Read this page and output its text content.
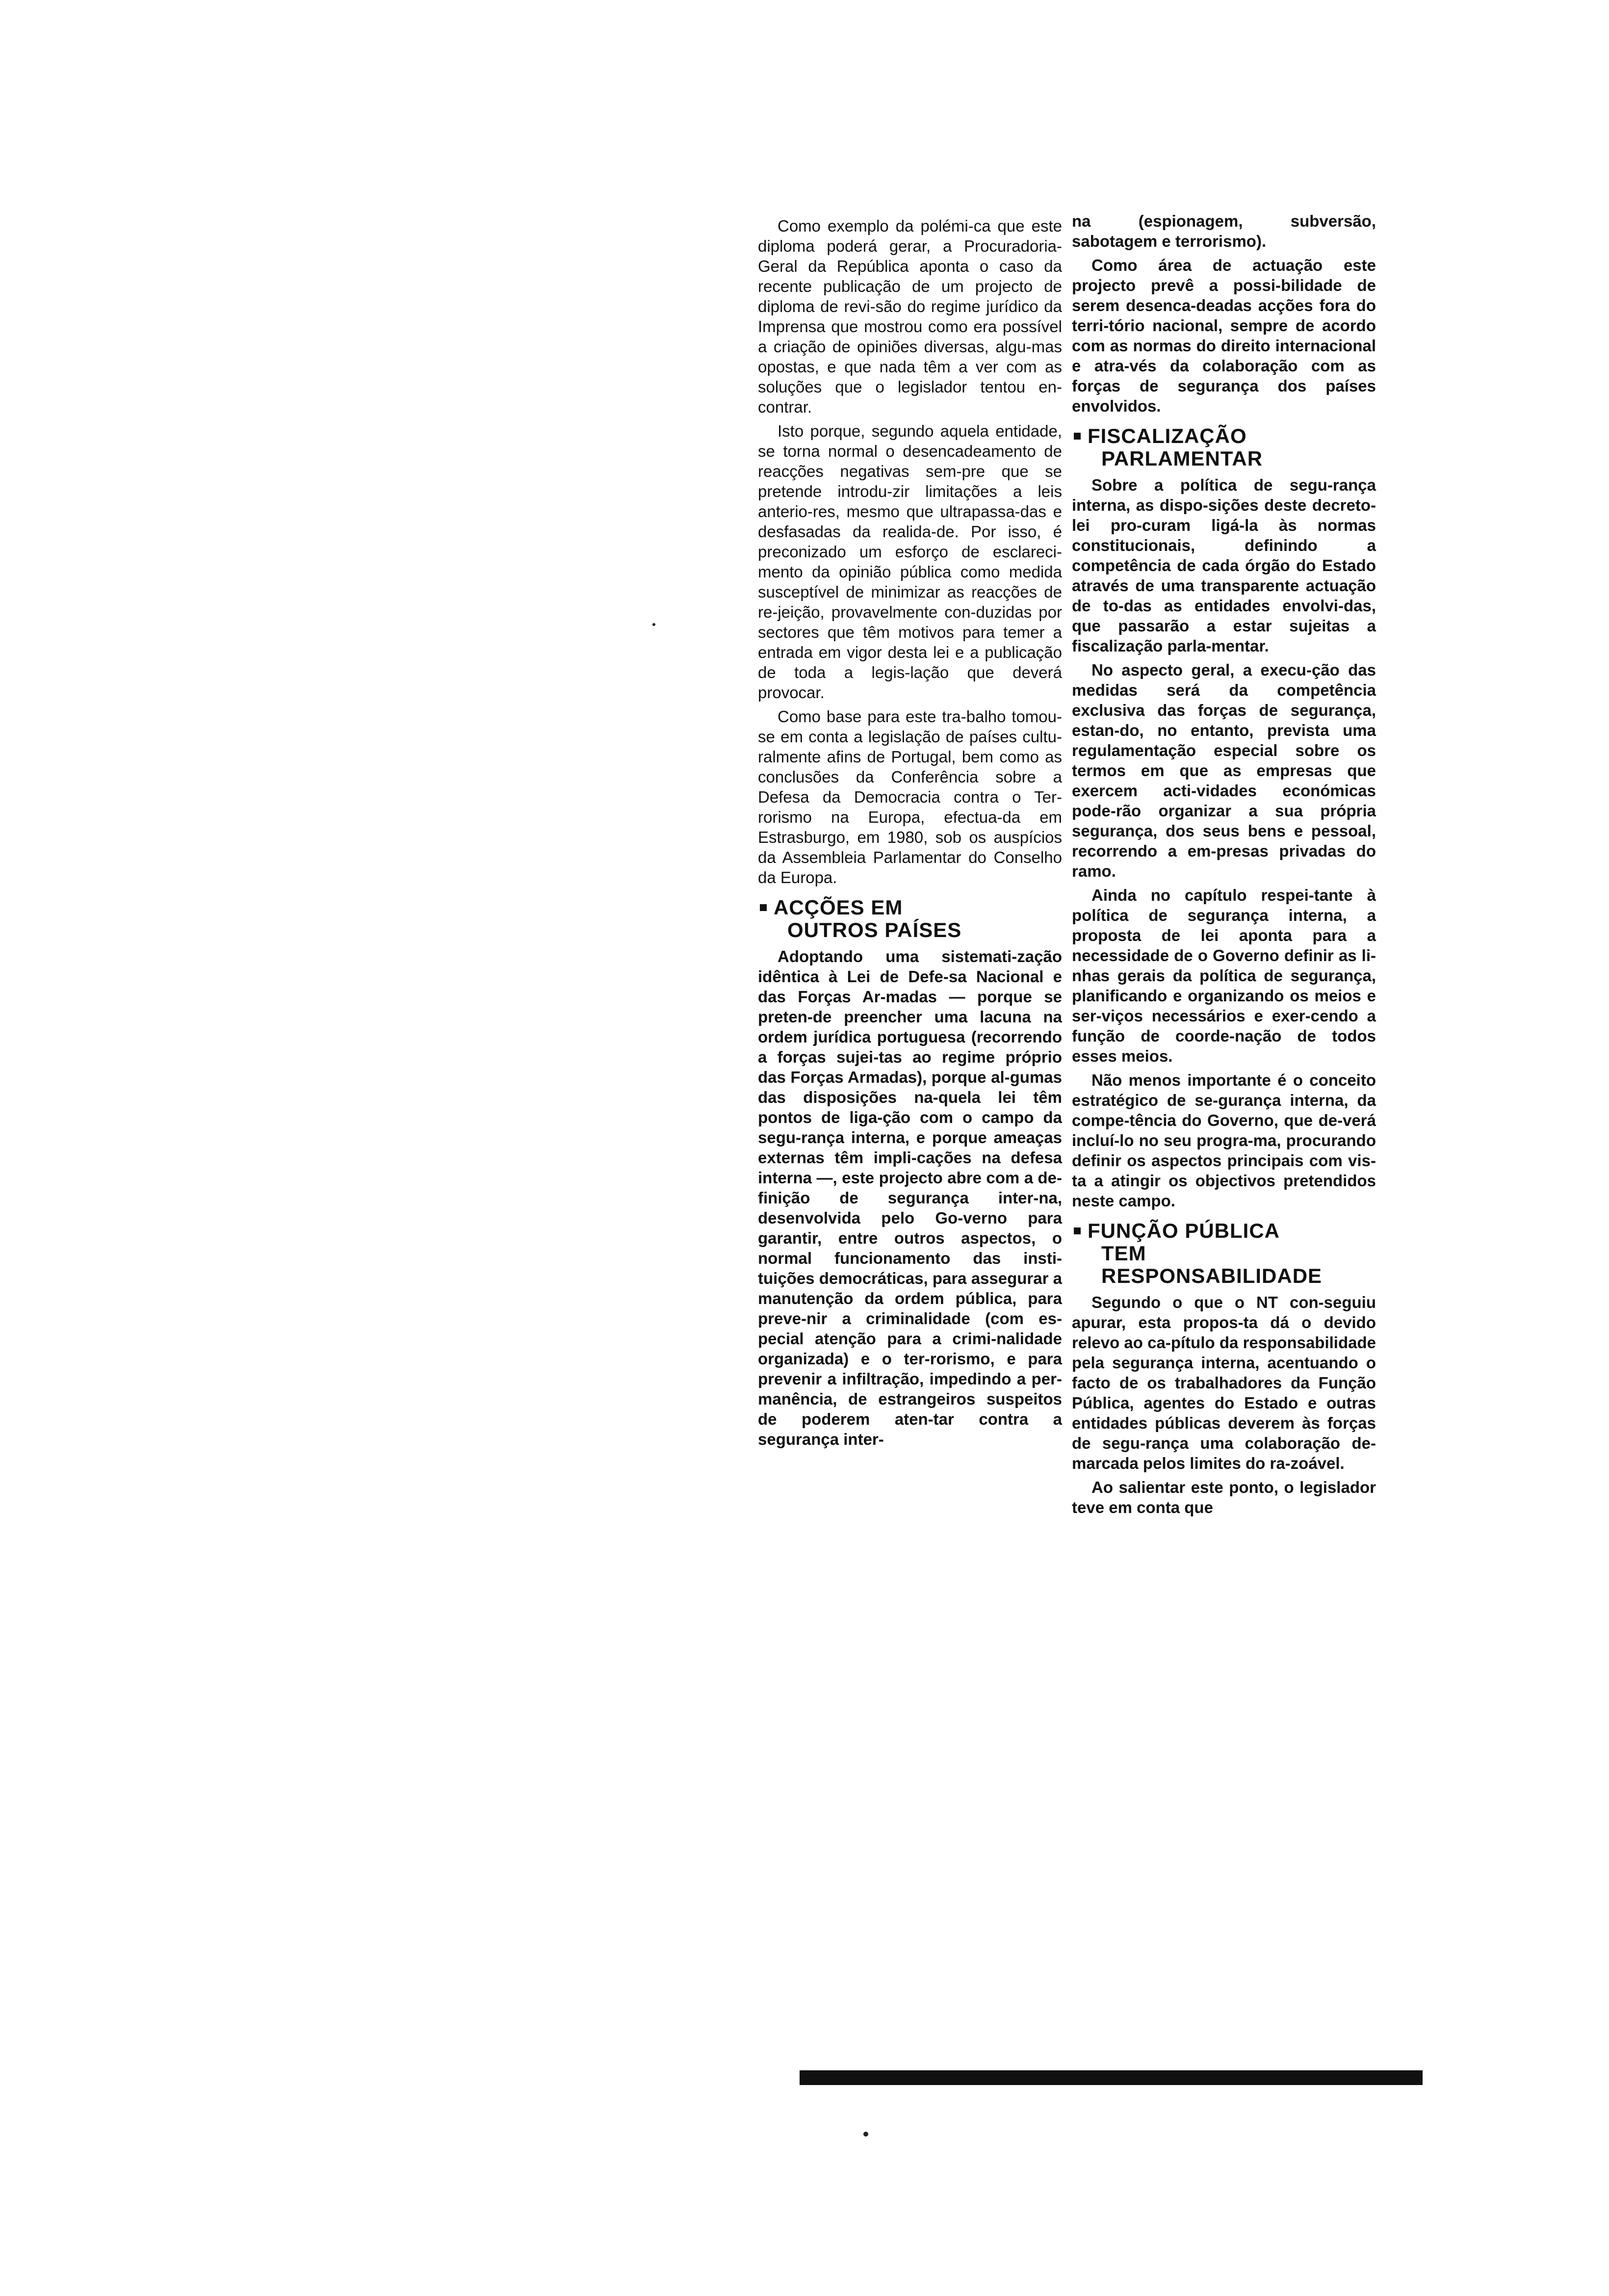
Como exemplo da polémi-ca que este diploma poderá gerar, a Procuradoria-Geral da República aponta o caso da recente publicação de um projecto de diploma de revi-são do regime jurídico da Imprensa que mostrou como era possível a criação de opiniões diversas, algu-mas opostas, e que nada têm a ver com as soluções que o legislador tentou en-contrar.

Isto porque, segundo aquela entidade, se torna normal o desencadeamento de reacções negativas sem-pre que se pretende introdu-zir limitações a leis anterio-res, mesmo que ultrapassa-das e desfasadas da realida-de. Por isso, é preconizado um esforço de esclareci-mento da opinião pública como medida susceptível de minimizar as reacções de re-jeição, provavelmente con-duzidas por sectores que têm motivos para temer a entrada em vigor desta lei e a publicação de toda a legis-lação que deverá provocar.

Como base para este tra-balho tomou-se em conta a legislação de países cultu-ralmente afins de Portugal, bem como as conclusões da Conferência sobre a Defesa da Democracia contra o Ter-rorismo na Europa, efectua-da em Estrasburgo, em 1980, sob os auspícios da Assembleia Parlamentar do Conselho da Europa.

ACÇÕES EM
OUTROS PAÍSES

Adoptando uma sistemati-zação idêntica à Lei de Defe-sa Nacional e das Forças Ar-madas — porque se preten-de preencher uma lacuna na ordem jurídica portuguesa (recorrendo a forças sujei-tas ao regime próprio das Forças Armadas), porque al-gumas das disposições na-quela lei têm pontos de liga-ção com o campo da segu-rança interna, e porque ameaças externas têm impli-cações na defesa interna —, este projecto abre com a de-finição de segurança inter-na, desenvolvida pelo Go-verno para garantir, entre outros aspectos, o normal funcionamento das insti-tuições democráticas, para assegurar a manutenção da ordem pública, para preve-nir a criminalidade (com es-pecial atenção para a crimi-nalidade organizada) e o ter-rorismo, e para prevenir a infiltração, impedindo a per-manência, de estrangeiros suspeitos de poderem aten-tar contra a segurança inter-

na (espionagem, subversão, sabotagem e terrorismo).

Como área de actuação este projecto prevê a possi-bilidade de serem desenca-deadas acções fora do terri-tório nacional, sempre de acordo com as normas do direito internacional e atra-vés da colaboração com as forças de segurança dos países envolvidos.

FISCALIZAÇÃO
PARLAMENTAR

Sobre a política de segu-rança interna, as dispo-sições deste decreto-lei pro-curam ligá-la às normas constitucionais, definindo a competência de cada órgão do Estado através de uma transparente actuação de to-das as entidades envolvi-das, que passarão a estar sujeitas a fiscalização parla-mentar.

No aspecto geral, a execu-ção das medidas será da competência exclusiva das forças de segurança, estan-do, no entanto, prevista uma regulamentação especial sobre os termos em que as empresas que exercem acti-vidades económicas pode-rão organizar a sua própria segurança, dos seus bens e pessoal, recorrendo a em-presas privadas do ramo.

Ainda no capítulo respei-tante à política de segurança interna, a proposta de lei aponta para a necessidade de o Governo definir as li-nhas gerais da política de segurança, planificando e organizando os meios e ser-viços necessários e exer-cendo a função de coorde-nação de todos esses meios.

Não menos importante é o conceito estratégico de se-gurança interna, da compe-tência do Governo, que de-verá incluí-lo no seu progra-ma, procurando definir os aspectos principais com vis-ta a atingir os objectivos pretendidos neste campo.

FUNÇÃO PÚBLICA
TEM
RESPONSABILIDADE

Segundo o que o NT con-seguiu apurar, esta propos-ta dá o devido relevo ao ca-pítulo da responsabilidade pela segurança interna, acentuando o facto de os trabalhadores da Função Pública, agentes do Estado e outras entidades públicas deverem às forças de segu-rança uma colaboração de-marcada pelos limites do ra-zoável.

Ao salientar este ponto, o legislador teve em conta que
